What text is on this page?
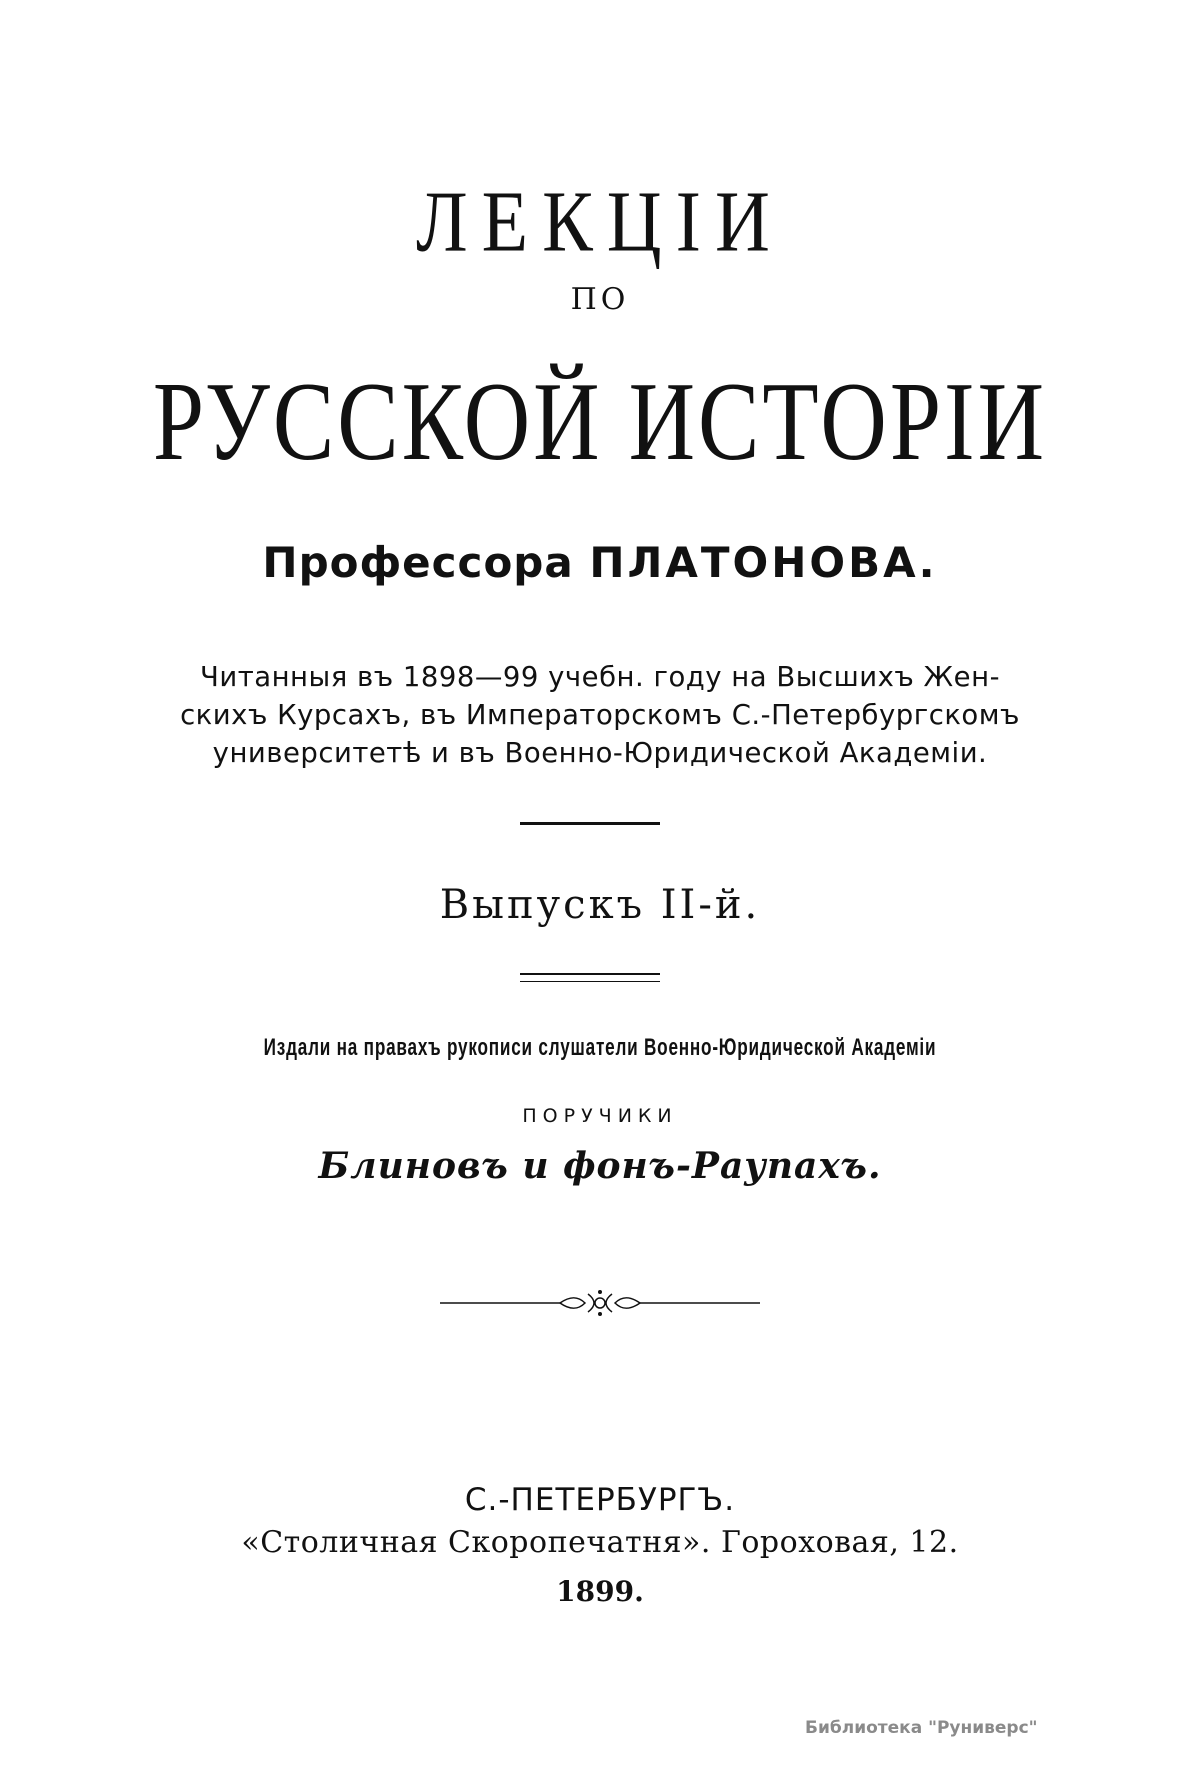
ЛЕКЦIИ
ПО
РУССКОЙ ИСТОРIИ
Профессора ПЛАТОНОВА.
Читанныя въ 1898—99 учебн. году на Высшихъ Жен-
скихъ Курсахъ, въ Императорскомъ С.-Петербургскомъ
университетѣ и въ Военно-Юридической Академiи.
Выпускъ II-й.
Издали на правахъ рукописи слушатели Военно-Юридической Академiи
ПОРУЧИКИ
Блиновъ и фонъ-Раупахъ.
С.-ПЕТЕРБУРГЪ.
«Столичная Скоропечатня». Гороховая, 12.
1899.
Библиотека "Руниверс"
